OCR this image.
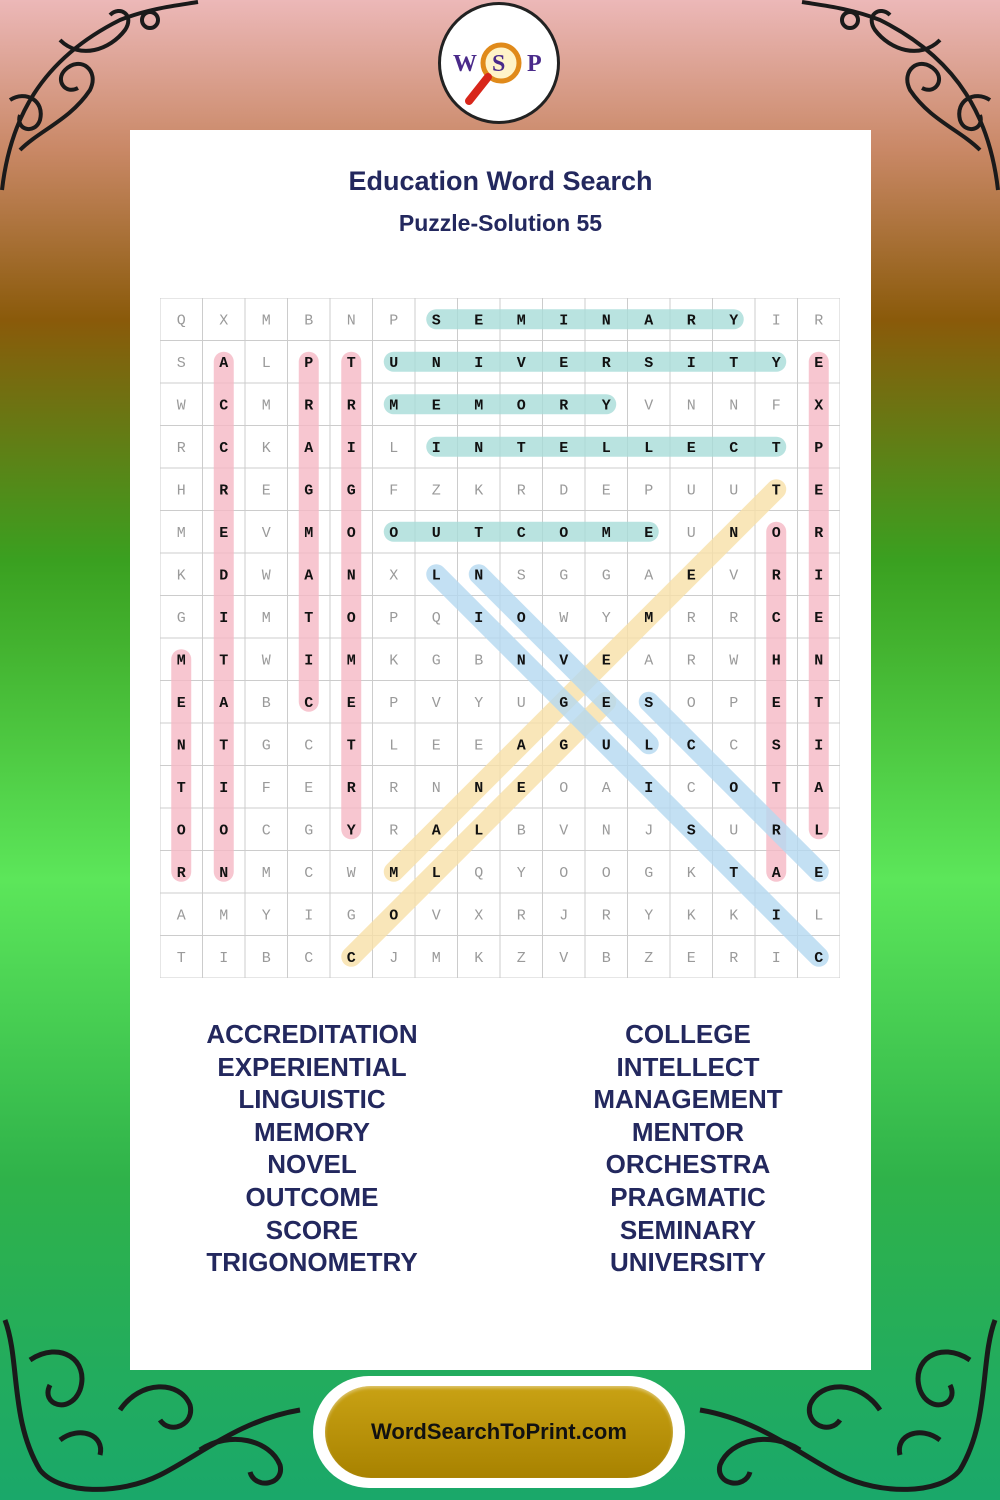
W S P
Education Word Search
Puzzle-Solution 55
Q X M B N P S E M I N A R Y I R
S A L P T U N I V E R S I T Y E
W C M R R M E M O R Y V N N F X
R C K A I L I N T E L L E C T P
H R E G G F Z K R D E P U U T E
M E V M O O U T C O M E U N O R
K D W A N X L N S G G A E V R I
G I M T O P Q I O W Y M R R C E
M T W I M K G B N V E A R W H N
E A B C E P V Y U G E S O P E T
N T G C T L E E A G U L C C S I
T I F E R R N N E O A I C O T A
O O C G Y R A L B V N J S U R L
R N M C W M L Q Y O O G K T A E
A M Y I G O V X R J R Y K K I L
T I B C C J M K Z V B Z E R I C
ACCREDITATION
EXPERIENTIAL
LINGUISTIC
MEMORY
NOVEL
OUTCOME
SCORE
TRIGONOMETRY
COLLEGE
INTELLECT
MANAGEMENT
MENTOR
ORCHESTRA
PRAGMATIC
SEMINARY
UNIVERSITY
WordSearchToPrint.com
